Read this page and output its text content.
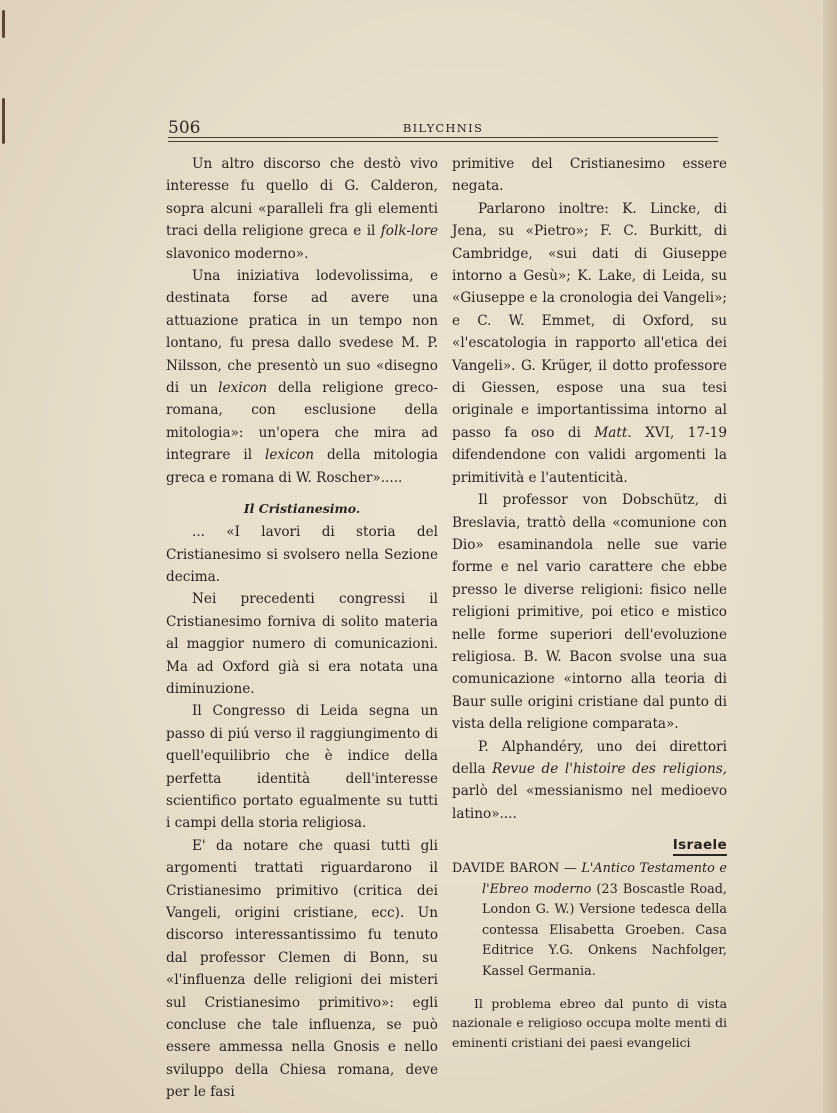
506	BILYCHNIS

Un altro discorso che destò vivo interesse fu quello di G. Calderon, sopra alcuni «paralleli fra gli elementi traci della religione greca e il folk-lore slavonico moderno».

Una iniziativa lodevolissima, e destinata forse ad avere una attuazione pratica in un tempo non lontano, fu presa dallo svedese M. P. Nilsson, che presentò un suo «disegno di un lexicon della religione greco-romana, con esclusione della mitologia»: un'opera che mira ad integrare il lexicon della mitologia greca e romana di W. Roscher».....

Il Cristianesimo.

... «I lavori di storia del Cristianesimo si svolsero nella Sezione decima.

Nei precedenti congressi il Cristianesimo forniva di solito materia al maggior numero di comunicazioni. Ma ad Oxford già si era notata una diminuzione.

Il Congresso di Leida segna un passo di piú verso il raggiungimento di quell'equilibrio che è indice della perfetta identità dell'interesse scientifico portato egualmente su tutti i campi della storia religiosa.

E' da notare che quasi tutti gli argomenti trattati riguardarono il Cristianesimo primitivo (critica dei Vangeli, origini cristiane, ecc). Un discorso interessantissimo fu tenuto dal professor Clemen di Bonn, su «l'influenza delle religioni dei misteri sul Cristianesimo primitivo»: egli concluse che tale influenza, se può essere ammessa nella Gnosis e nello sviluppo della Chiesa romana, deve per le fasi

primitive del Cristianesimo essere negata.

Parlarono inoltre: K. Lincke, di Jena, su «Pietro»; F. C. Burkitt, di Cambridge, «sui dati di Giuseppe intorno a Gesù»; K. Lake, di Leida, su «Giuseppe e la cronologia dei Vangeli»; e C. W. Emmet, di Oxford, su «l'escatologia in rapporto all'etica dei Vangeli». G. Krüger, il dotto professore di Giessen, espose una sua tesi originale e importantissima intorno al passo fa oso di Matt. XVI, 17-19 difendendone con validi argomenti la primitività e l'autenticità.

Il professor von Dobschütz, di Breslavia, trattò della «comunione con Dio» esaminandola nelle sue varie forme e nel vario carattere che ebbe presso le diverse religioni: fisico nelle religioni primitive, poi etico e mistico nelle forme superiori dell'evoluzione religiosa. B. W. Bacon svolse una sua comunicazione «intorno alla teoria di Baur sulle origini cristiane dal punto di vista della religione comparata».

P. Alphandéry, uno dei direttori della Revue de l'histoire des religions, parlò del «messianismo nel medioevo latino»....

Israele

DAVIDE BARON — L'Antico Testamento e l'Ebreo moderno (23 Boscastle Road, London G. W.) Versione tedesca della contessa Elisabetta Groeben. Casa Editrice Y.G. Onkens Nachfolger, Kassel Germania.

Il problema ebreo dal punto di vista nazionale e religioso occupa molte menti di eminenti cristiani dei paesi evangelici
